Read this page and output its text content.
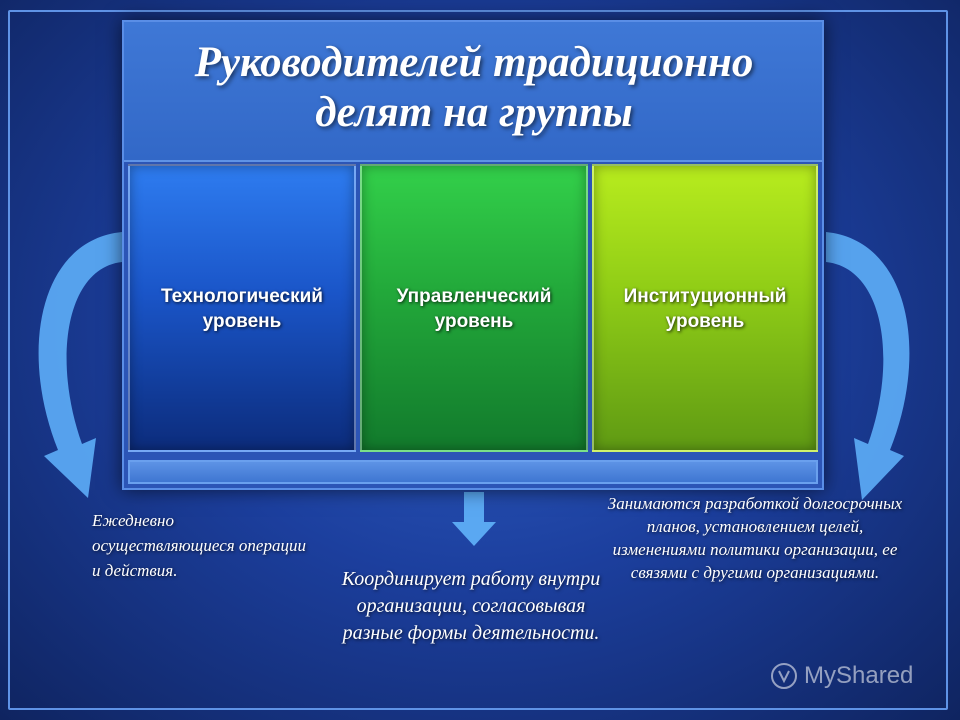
Руководителей традиционно делят на группы

Технологический уровень

Управленческий уровень

Институционный уровень

Ежедневно осуществляющиеся операции и действия.	Координирует работу внутри организации, согласовывая разные формы деятельности.

Занимаются разработкой долгосрочных планов, установлением целей, изменениями политики организации, ее связями с другими организациями.

MyShared
